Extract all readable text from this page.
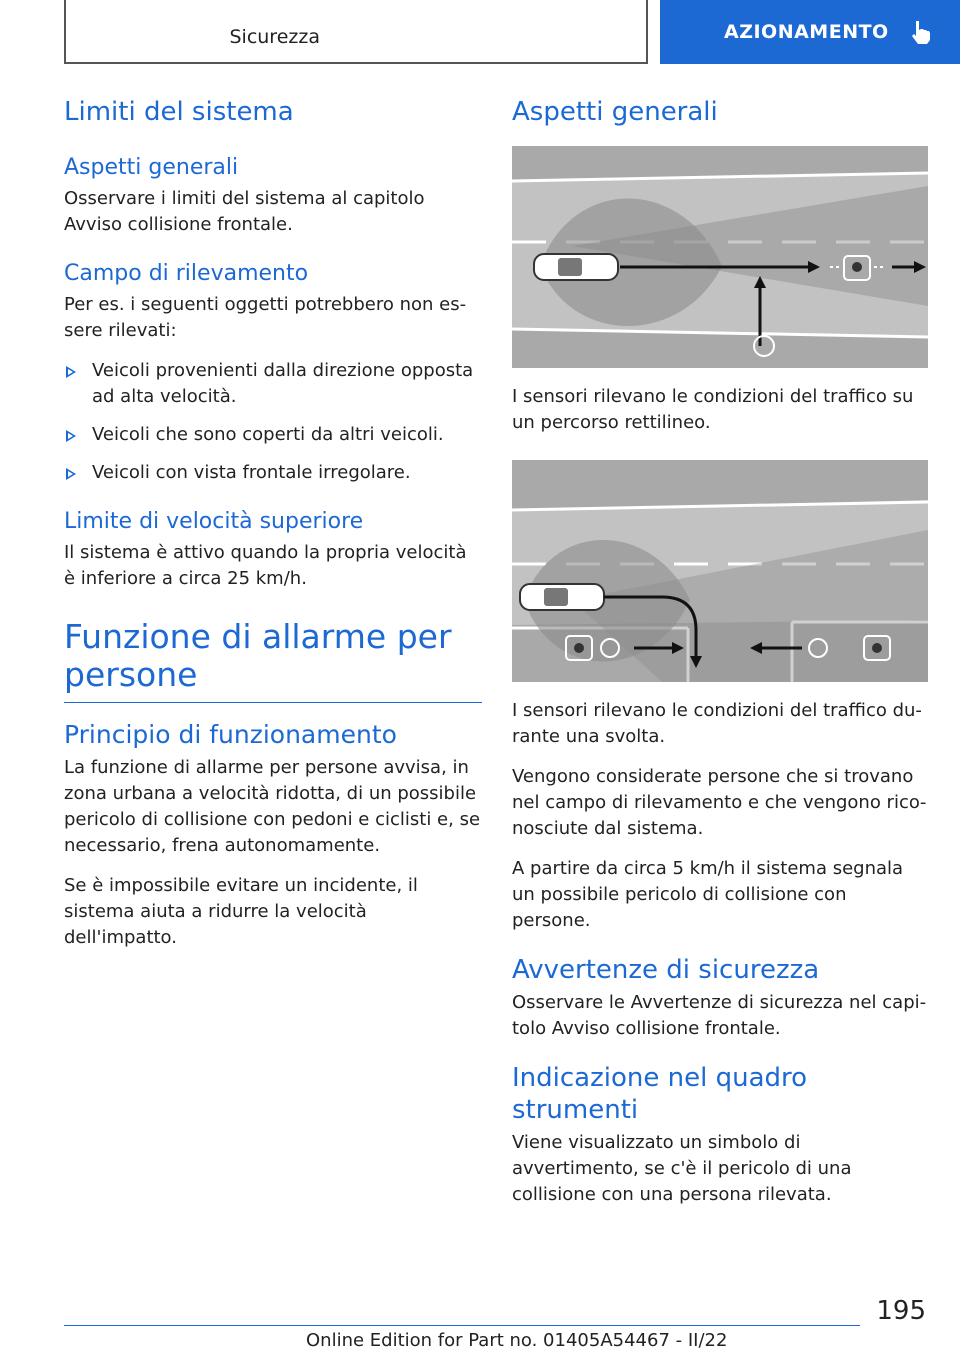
Sicurezza	AZIONAMENTO
Limiti del sistema
Aspetti generali

Osservare i limiti del sistema al capitolo Avviso collisione frontale.

Campo di rilevamento

Per es. i seguenti oggetti potrebbero non essere rilevati:

Veicoli provenienti dalla direzione opposta ad alta velocità.
Veicoli che sono coperti da altri veicoli.
Veicoli con vista frontale irregolare.
Limite di velocità superiore

Il sistema è attivo quando la propria velocità è inferiore a circa 25 km/h.

Funzione di allarme per persone
Principio di funzionamento

La funzione di allarme per persone avvisa, in zona urbana a velocità ridotta, di un possibile pericolo di collisione con pedoni e ciclisti e, se necessario, frena autonomamente.

Se è impossibile evitare un incidente, il sistema aiuta a ridurre la velocità dell'impatto.

Aspetti generali

I sensori rilevano le condizioni del traffico su un percorso rettilineo.

I sensori rilevano le condizioni del traffico durante una svolta.

Vengono considerate persone che si trovano nel campo di rilevamento e che vengono riconosciute dal sistema.

A partire da circa 5 km/h il sistema segnala un possibile pericolo di collisione con persone.

Avvertenze di sicurezza

Osservare le Avvertenze di sicurezza nel capitolo Avviso collisione frontale.

Indicazione nel quadro strumenti

Viene visualizzato un simbolo di avvertimento, se c'è il pericolo di una collisione con una persona rilevata.

195
Online Edition for Part no. 01405A54467 - II/22
